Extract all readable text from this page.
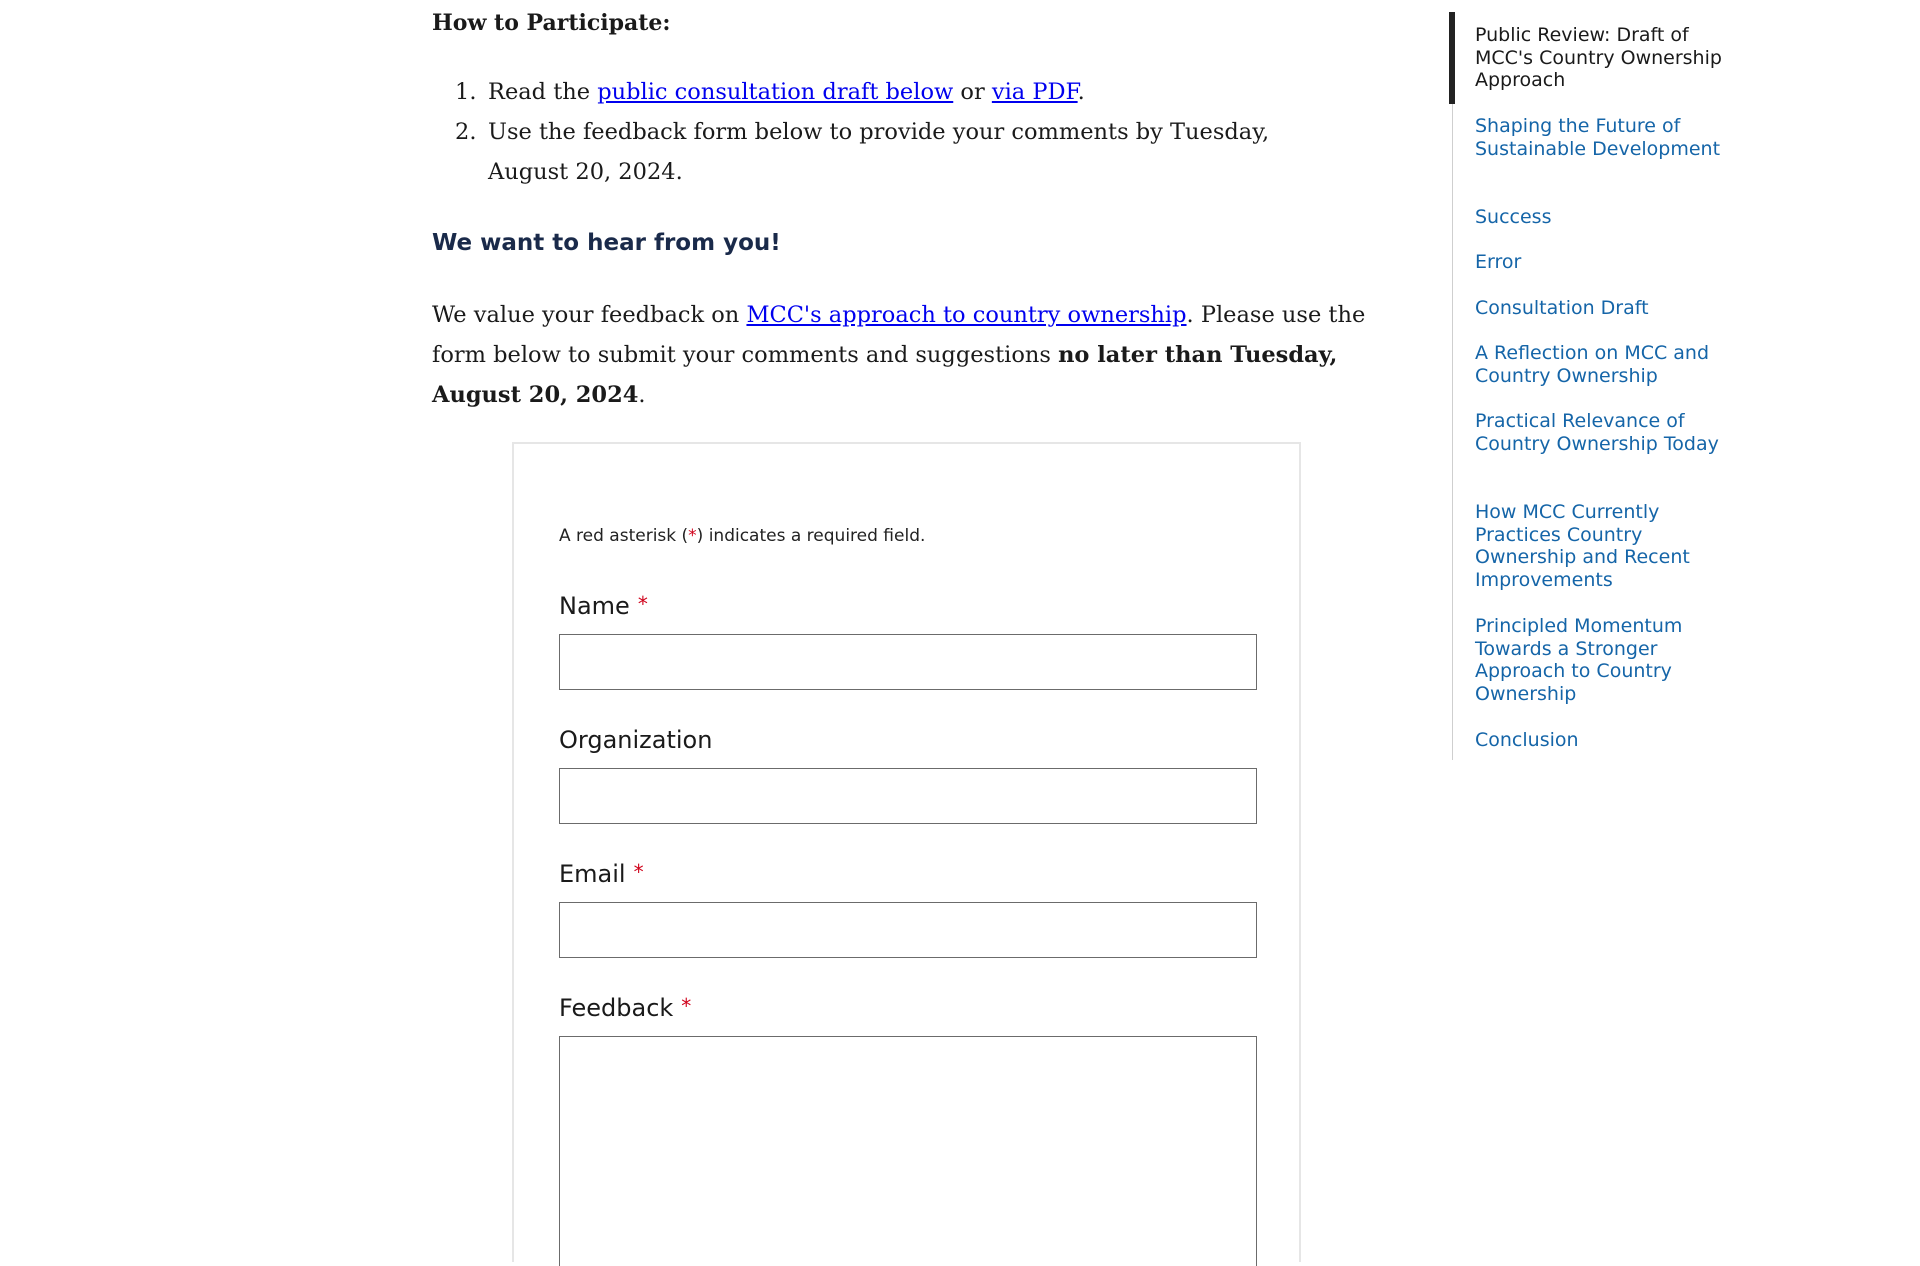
How to Participate:
1. Read the public consultation draft below or via PDF.
2. Use the feedback form below to provide your comments by Tuesday, August 20, 2024.
We want to hear from you!

We value your feedback on MCC's approach to country ownership. Please use the form below to submit your comments and suggestions no later than Tuesday, August 20, 2024.

A red asterisk (*) indicates a required field.

Name *
Organization
Email *
Feedback *
Public Review: Draft of MCC's Country Ownership Approach
Shaping the Future of Sustainable Development
Success
Error
Consultation Draft
A Reflection on MCC and Country Ownership
Practical Relevance of Country Ownership Today
How MCC Currently Practices Country Ownership and Recent Improvements
Principled Momentum Towards a Stronger Approach to Country Ownership
Conclusion
